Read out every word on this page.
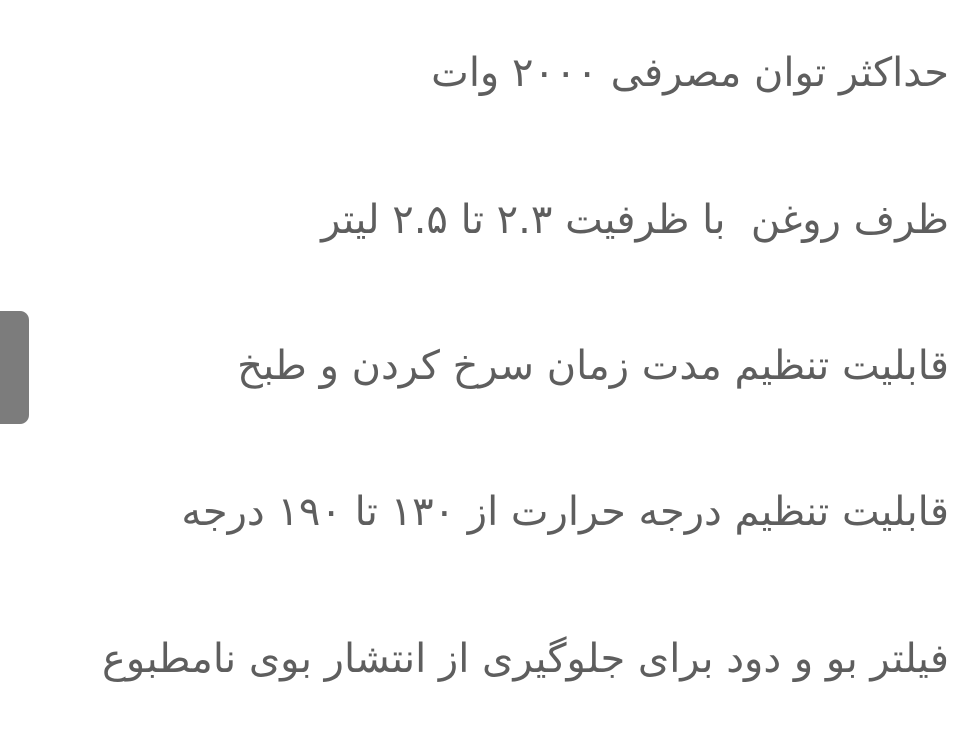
حداکثر توان مصرفی ۲۰۰۰ وات
ظرف روغن  با ظرفیت ۲.۳ تا ۲.۵ لیتر
قابلیت تنظیم مدت زمان سرخ کردن و طبخ
قابلیت تنظیم درجه حرارت از ۱۳۰ تا ۱۹۰ درجه
فیلتر بو و دود برای جلوگیری از انتشار بوی نامطبوع
